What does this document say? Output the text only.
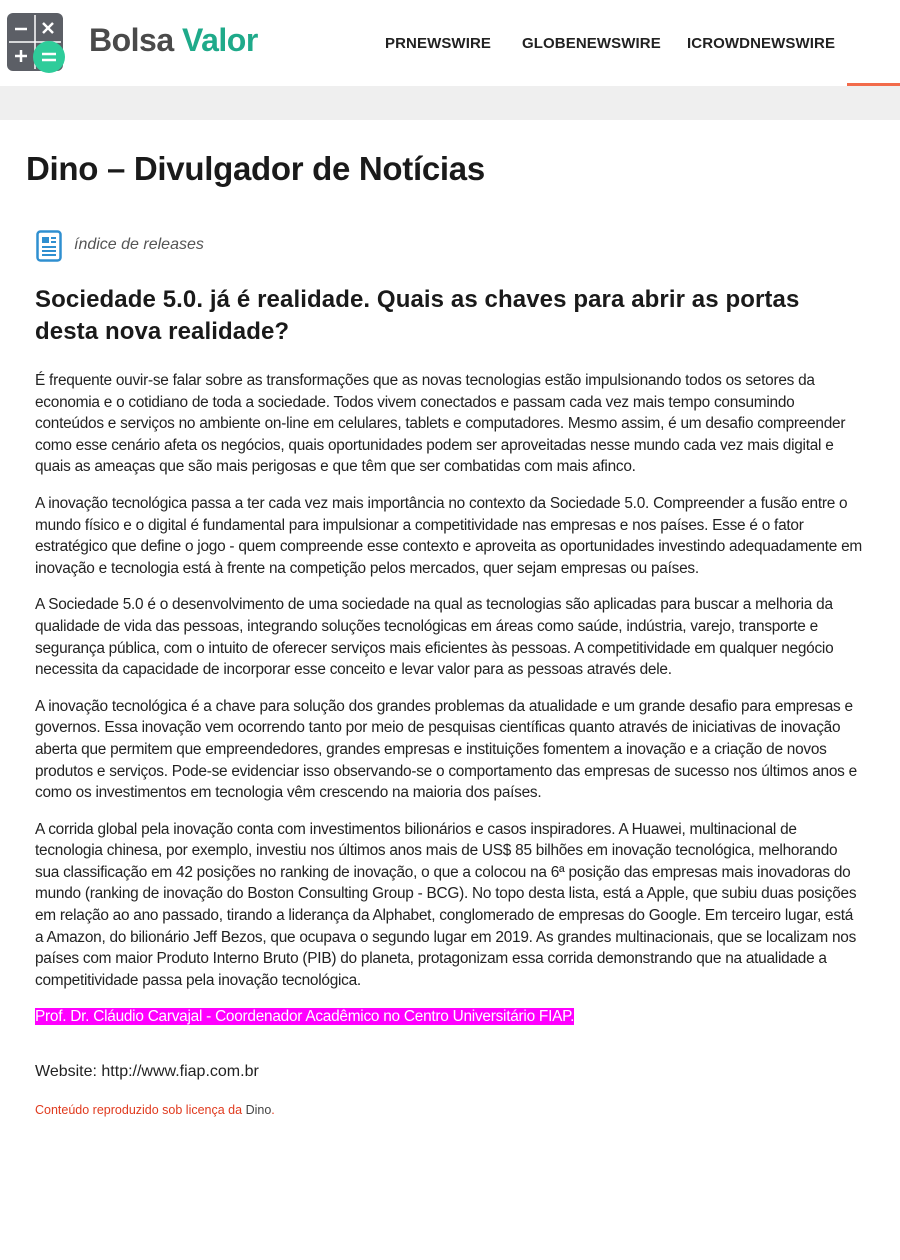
Bolsa Valor	PRNEWSWIRE GLOBENEWSWIRE ICROWDNEWSWIRE
Dino – Divulgador de Notícias
índice de releases
Sociedade 5.0. já é realidade. Quais as chaves para abrir as portas desta nova realidade?

É frequente ouvir-se falar sobre as transformações que as novas tecnologias estão impulsionando todos os setores da economia e o cotidiano de toda a sociedade. Todos vivem conectados e passam cada vez mais tempo consumindo conteúdos e serviços no ambiente on-line em celulares, tablets e computadores. Mesmo assim, é um desafio compreender como esse cenário afeta os negócios, quais oportunidades podem ser aproveitadas nesse mundo cada vez mais digital e quais as ameaças que são mais perigosas e que têm que ser combatidas com mais afinco.

A inovação tecnológica passa a ter cada vez mais importância no contexto da Sociedade 5.0. Compreender a fusão entre o mundo físico e o digital é fundamental para impulsionar a competitividade nas empresas e nos países. Esse é o fator estratégico que define o jogo - quem compreende esse contexto e aproveita as oportunidades investindo adequadamente em inovação e tecnologia está à frente na competição pelos mercados, quer sejam empresas ou países.

A Sociedade 5.0 é o desenvolvimento de uma sociedade na qual as tecnologias são aplicadas para buscar a melhoria da qualidade de vida das pessoas, integrando soluções tecnológicas em áreas como saúde, indústria, varejo, transporte e segurança pública, com o intuito de oferecer serviços mais eficientes às pessoas. A competitividade em qualquer negócio necessita da capacidade de incorporar esse conceito e levar valor para as pessoas através dele.

A inovação tecnológica é a chave para solução dos grandes problemas da atualidade e um grande desafio para empresas e governos. Essa inovação vem ocorrendo tanto por meio de pesquisas científicas quanto através de iniciativas de inovação aberta que permitem que empreendedores, grandes empresas e instituições fomentem a inovação e a criação de novos produtos e serviços. Pode-se evidenciar isso observando-se o comportamento das empresas de sucesso nos últimos anos e como os investimentos em tecnologia vêm crescendo na maioria dos países.

A corrida global pela inovação conta com investimentos bilionários e casos inspiradores. A Huawei, multinacional de tecnologia chinesa, por exemplo, investiu nos últimos anos mais de US$ 85 bilhões em inovação tecnológica, melhorando sua classificação em 42 posições no ranking de inovação, o que a colocou na 6ª posição das empresas mais inovadoras do mundo (ranking de inovação do Boston Consulting Group - BCG). No topo desta lista, está a Apple, que subiu duas posições em relação ao ano passado, tirando a liderança da Alphabet, conglomerado de empresas do Google. Em terceiro lugar, está a Amazon, do bilionário Jeff Bezos, que ocupava o segundo lugar em 2019. As grandes multinacionais, que se localizam nos países com maior Produto Interno Bruto (PIB) do planeta, protagonizam essa corrida demonstrando que na atualidade a competitividade passa pela inovação tecnológica.

Prof. Dr. Cláudio Carvajal - Coordenador Acadêmico no Centro Universitário FIAP.
Website: http://www.fiap.com.br
Conteúdo reproduzido sob licença da Dino.
